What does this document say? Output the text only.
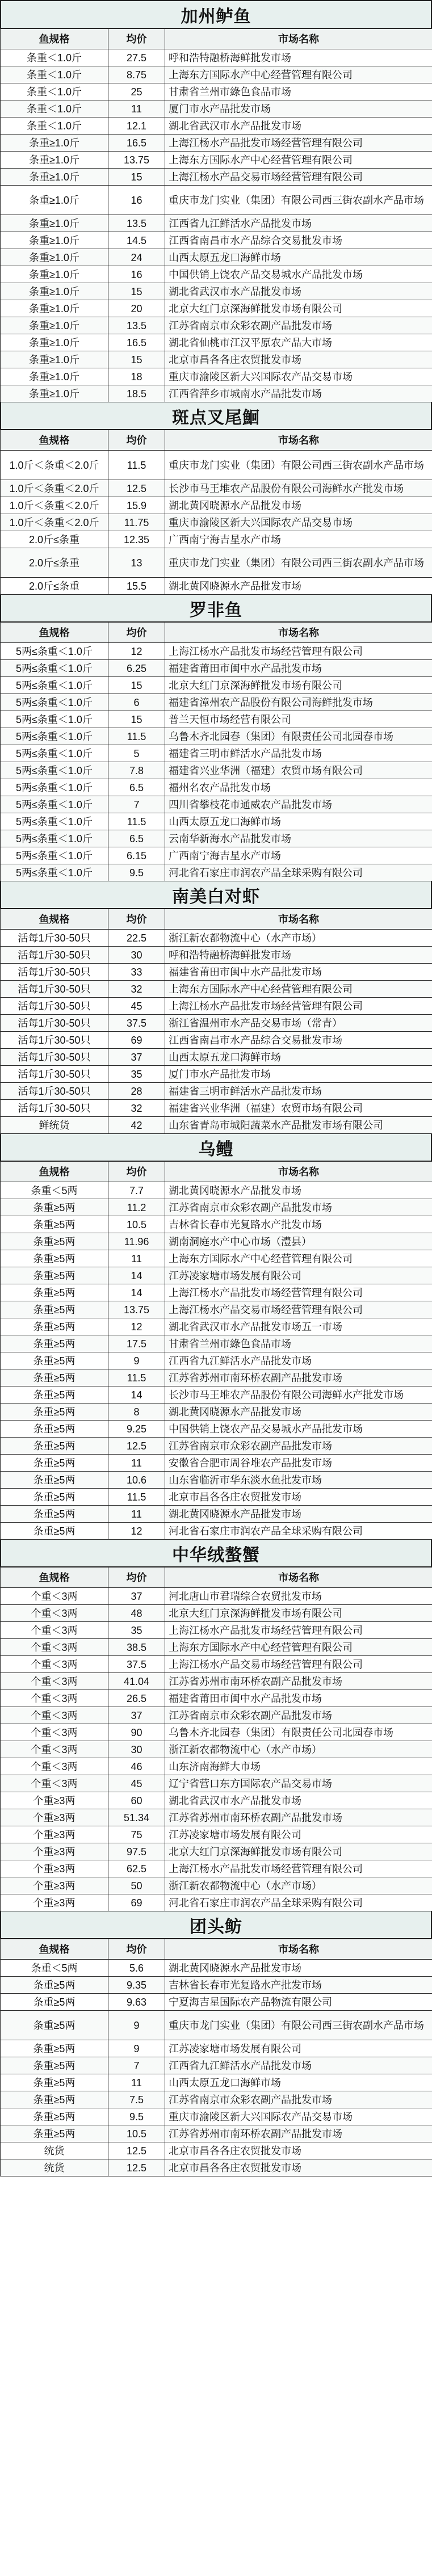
加州鲈鱼
鱼规格	均价	市场名称
条重＜1.0斤	27.5	呼和浩特融桥海鲜批发市场
条重＜1.0斤	8.75	上海东方国际水产中心经营管理有限公司
条重＜1.0斤	25	甘肃省兰州市綠色食品市场
条重＜1.0斤	11	厦门市水产品批发市场
条重＜1.0斤	12.1	湖北省武汉市水产品批发市场
条重≥1.0斤	16.5	上海江杨水产品批发市场经营管理有限公司
条重≥1.0斤	13.75	上海东方国际水产中心经营管理有限公司
条重≥1.0斤	15	上海江杨水产品交易市场经营管理有限公司
条重≥1.0斤	16	重庆市龙门实业（集团）有限公司西三街农副水产品市场
条重≥1.0斤	13.5	江西省九江鲜活水产品批发市场
条重≥1.0斤	14.5	江西省南昌市水产品综合交易批发市场
条重≥1.0斤	24	山西太原五龙口海鲜市场
条重≥1.0斤	16	中国供销上饶农产品交易城水产品批发市场
条重≥1.0斤	15	湖北省武汉市水产品批发市场
条重≥1.0斤	20	北京大红门京深海鲜批发市场有限公司
条重≥1.0斤	13.5	江苏省南京市众彩农副产品批发市场
条重≥1.0斤	16.5	湖北省仙桃市江汉平原农产品大市场
条重≥1.0斤	15	北京市昌各各庄农贸批发市场
条重≥1.0斤	18	重庆市渝陵区新大兴国际农产品交易市场
条重≥1.0斤	18.5	江西省萍乡市城南水产品批发市场
斑点叉尾鮰
鱼规格	均价	市场名称
1.0斤＜条重＜2.0斤	11.5	重庆市龙门实业（集团）有限公司西三街农副水产品市场
1.0斤＜条重＜2.0斤	12.5	长沙市马王堆农产品股份有限公司海鲜水产批发市场
1.0斤＜条重＜2.0斤	15.9	湖北黄冈晓源水产品批发市场
1.0斤＜条重＜2.0斤	11.75	重庆市渝陵区新大兴国际农产品交易市场
2.0斤≤条重	12.35	广西南宁海吉星水产市场
2.0斤≤条重	13	重庆市龙门实业（集团）有限公司西三街农副水产品市场
2.0斤≤条重	15.5	湖北黄冈晓源水产品批发市场
罗非鱼
鱼规格	均价	市场名称
5两≤条重＜1.0斤	12	上海江杨水产品批发市场经营管理有限公司
5两≤条重＜1.0斤	6.25	福建省莆田市闽中水产品批发市场
5两≤条重＜1.0斤	15	北京大红门京深海鲜批发市场有限公司
5两≤条重＜1.0斤	6	福建省漳州农产品股份有限公司海鲜批发市场
5两≤条重＜1.0斤	15	普兰天恒市场经营有限公司
5两≤条重＜1.0斤	11.5	乌鲁木齐北园春（集团）有限责任公司北园春市场
5两≤条重＜1.0斤	5	福建省三明市鲜活水产品批发市场
5两≤条重＜1.0斤	7.8	福建省兴业华洲（福建）农贸市场有限公司
5两≤条重＜1.0斤	6.5	福州名农产品批发市场
5两≤条重＜1.0斤	7	四川省攀枝花市通威农产品批发市场
5两≤条重＜1.0斤	11.5	山西太原五龙口海鲜市场
5两≤条重＜1.0斤	6.5	云南华新海水产品批发市场
5两≤条重＜1.0斤	6.15	广西南宁海吉星水产市场
5两≤条重＜1.0斤	9.5	河北省石家庄市润农产品全球采购有限公司
南美白对虾
鱼规格	均价	市场名称
活每1斤30-50只	22.5	浙江新农都物流中心（水产市场）
活每1斤30-50只	30	呼和浩特融桥海鲜批发市场
活每1斤30-50只	33	福建省莆田市闽中水产品批发市场
活每1斤30-50只	32	上海东方国际水产中心经营管理有限公司
活每1斤30-50只	45	上海江杨水产品批发市场经营管理有限公司
活每1斤30-50只	37.5	浙江省温州市水产品交易市场（常青）
活每1斤30-50只	69	江西省南昌市水产品综合交易批发市场
活每1斤30-50只	37	山西太原五龙口海鲜市场
活每1斤30-50只	35	厦门市水产品批发市场
活每1斤30-50只	28	福建省三明市鲜活水产品批发市场
活每1斤30-50只	32	福建省兴业华洲（福建）农贸市场有限公司
鲜统货	42	山东省青岛市城阳蔬菜水产品批发市场有限公司
乌鳢
鱼规格	均价	市场名称
条重＜5两	7.7	湖北黄冈晓源水产品批发市场
条重≥5两	11.2	江苏省南京市众彩农副产品批发市场
条重≥5两	10.5	吉林省长春市光复路水产批发市场
条重≥5两	11.96	湖南洞庭水产中心市场（澧县）
条重≥5两	11	上海东方国际水产中心经营管理有限公司
条重≥5两	14	江苏凌家塘市场发展有限公司
条重≥5两	14	上海江杨水产品批发市场经营管理有限公司
条重≥5两	13.75	上海江杨水产品交易市场经营管理有限公司
条重≥5两	12	湖北省武汉市水产品批发市场五一市场
条重≥5两	17.5	甘肃省兰州市綠色食品市场
条重≥5两	9	江西省九江鲜活水产品批发市场
条重≥5两	11.5	江苏省苏州市南环桥农副产品批发市场
条重≥5两	14	长沙市马王堆农产品股份有限公司海鲜水产批发市场
条重≥5两	8	湖北黄冈晓源水产品批发市场
条重≥5两	9.25	中国供销上饶农产品交易城水产品批发市场
条重≥5两	12.5	江苏省南京市众彩农副产品批发市场
条重≥5两	11	安徽省合肥市周谷堆农产品批发市场
条重≥5两	10.6	山东省临沂市华东淡水鱼批发市场
条重≥5两	11.5	北京市昌各各庄农贸批发市场
条重≥5两	11	湖北黄冈晓源水产品批发市场
条重≥5两	12	河北省石家庄市润农产品全球采购有限公司
中华绒螯蟹
鱼规格	均价	市场名称
个重＜3两	37	河北唐山市君瑞综合农贸批发市场
个重＜3两	48	北京大红门京深海鲜批发市场有限公司
个重＜3两	35	上海江杨水产品批发市场经营管理有限公司
个重＜3两	38.5	上海东方国际水产中心经营管理有限公司
个重＜3两	37.5	上海江杨水产品交易市场经营管理有限公司
个重＜3两	41.04	江苏省苏州市南环桥农副产品批发市场
个重＜3两	26.5	福建省莆田市闽中水产品批发市场
个重＜3两	37	江苏省南京市众彩农副产品批发市场
个重＜3两	90	乌鲁木齐北园春（集团）有限责任公司北园春市场
个重＜3两	30	浙江新农都物流中心（水产市场）
个重＜3两	46	山东济南海鲜大市场
个重＜3两	45	辽宁省营口东方国际农产品交易市场
个重≥3两	60	湖北省武汉市水产品批发市场
个重≥3两	51.34	江苏省苏州市南环桥农副产品批发市场
个重≥3两	75	江苏凌家塘市场发展有限公司
个重≥3两	97.5	北京大红门京深海鲜批发市场有限公司
个重≥3两	62.5	上海江杨水产品批发市场经营管理有限公司
个重≥3两	50	浙江新农都物流中心（水产市场）
个重≥3两	69	河北省石家庄市润农产品全球采购有限公司
团头鲂
鱼规格	均价	市场名称
条重＜5两	5.6	湖北黄冈晓源水产品批发市场
条重≥5两	9.35	吉林省长春市光复路水产批发市场
条重≥5两	9.63	宁夏海吉星国际农产品物流有限公司
条重≥5两	9	重庆市龙门实业（集团）有限公司西三街农副水产品市场
条重≥5两	9	江苏凌家塘市场发展有限公司
条重≥5两	7	江西省九江鲜活水产品批发市场
条重≥5两	11	山西太原五龙口海鲜市场
条重≥5两	7.5	江苏省南京市众彩农副产品批发市场
条重≥5两	9.5	重庆市渝陵区新大兴国际农产品交易市场
条重≥5两	10.5	江苏省苏州市南环桥农副产品批发市场
统货	12.5	北京市昌各各庄农贸批发市场
统货	12.5	北京市昌各各庄农贸批发市场
